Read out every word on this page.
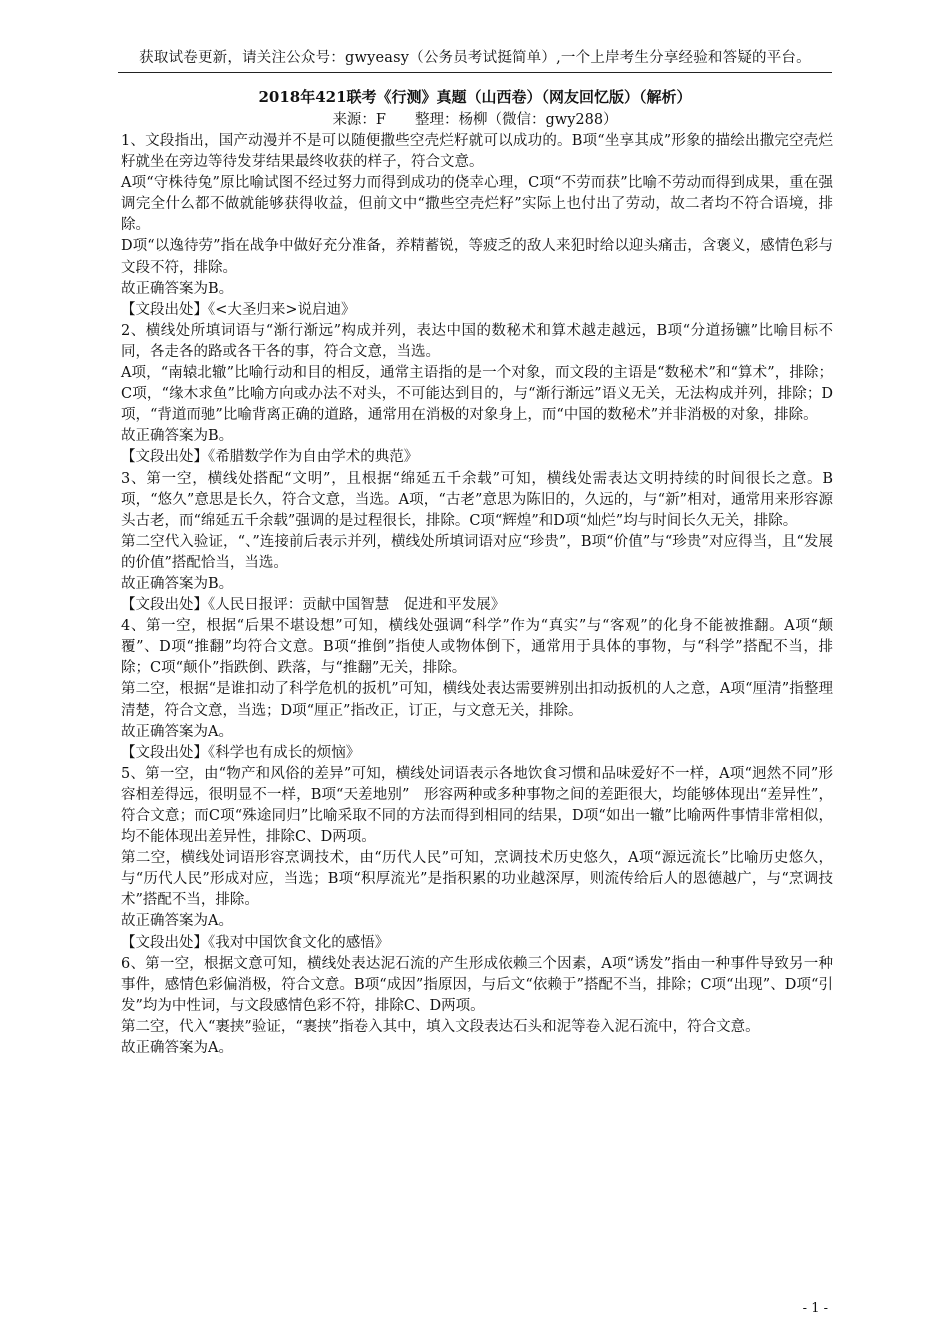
获取试卷更新，请关注公众号：gwyeasy（公务员考试挺简单）,一个上岸考生分享经验和答疑的平台。
2018年421联考《行测》真题（山西卷）（网友回忆版）（解析）
来源：F　　整理：杨柳（微信：gwy288）

1、文段指出，国产动漫并不是可以随便撒些空壳烂籽就可以成功的。B项“坐享其成”形象的描绘出撒完空壳烂籽就坐在旁边等待发芽结果最终收获的样子，符合文意。

A项“守株待兔”原比喻试图不经过努力而得到成功的侥幸心理，C项“不劳而获”比喻不劳动而得到成果，重在强调完全什么都不做就能够获得收益，但前文中“撒些空壳烂籽”实际上也付出了劳动，故二者均不符合语境，排除。

D项“以逸待劳”指在战争中做好充分准备，养精蓄锐，等疲乏的敌人来犯时给以迎头痛击，含褒义，感情色彩与文段不符，排除。

故正确答案为B。

【文段出处】《<大圣归来>说启迪》

2、横线处所填词语与“渐行渐远”构成并列，表达中国的数秘术和算术越走越远，B项“分道扬镳”比喻目标不同，各走各的路或各干各的事，符合文意，当选。

A项，“南辕北辙”比喻行动和目的相反，通常主语指的是一个对象，而文段的主语是“数秘术”和“算术”，排除；C项，“缘木求鱼”比喻方向或办法不对头，不可能达到目的，与“渐行渐远”语义无关，无法构成并列，排除；D项，“背道而驰”比喻背离正确的道路，通常用在消极的对象身上，而“中国的数秘术”并非消极的对象，排除。

故正确答案为B。

【文段出处】《希腊数学作为自由学术的典范》

3、第一空，横线处搭配“文明”，且根据“绵延五千余载”可知，横线处需表达文明持续的时间很长之意。B项，“悠久”意思是长久，符合文意，当选。A项，“古老”意思为陈旧的，久远的，与“新”相对，通常用来形容源头古老，而“绵延五千余载”强调的是过程很长，排除。C项“辉煌”和D项“灿烂”均与时间长久无关，排除。

第二空代入验证，“、”连接前后表示并列，横线处所填词语对应“珍贵”，B项“价值”与“珍贵”对应得当，且“发展的价值”搭配恰当，当选。

故正确答案为B。

【文段出处】《人民日报评：贡献中国智慧　促进和平发展》

4、第一空，根据“后果不堪设想”可知，横线处强调“科学”作为“真实”与“客观”的化身不能被推翻。A项“颠覆”、D项“推翻”均符合文意。B项“推倒”指使人或物体倒下，通常用于具体的事物，与“科学”搭配不当，排除；C项“颠仆”指跌倒、跌落，与“推翻”无关，排除。

第二空，根据“是谁扣动了科学危机的扳机”可知，横线处表达需要辨别出扣动扳机的人之意，A项“厘清”指整理清楚，符合文意，当选；D项“厘正”指改正，订正，与文意无关，排除。

故正确答案为A。

【文段出处】《科学也有成长的烦恼》

5、第一空，由“物产和风俗的差异”可知，横线处词语表示各地饮食习惯和品味爱好不一样，A项“迥然不同”形容相差得远，很明显不一样，B项“天差地别”　形容两种或多种事物之间的差距很大，均能够体现出“差异性”，符合文意；而C项“殊途同归”比喻采取不同的方法而得到相同的结果，D项“如出一辙”比喻两件事情非常相似，均不能体现出差异性，排除C、D两项。

第二空，横线处词语形容烹调技术，由“历代人民”可知，烹调技术历史悠久，A项“源远流长”比喻历史悠久，与“历代人民”形成对应，当选；B项“积厚流光”是指积累的功业越深厚，则流传给后人的恩德越广，与“烹调技术”搭配不当，排除。

故正确答案为A。

【文段出处】《我对中国饮食文化的感悟》

6、第一空，根据文意可知，横线处表达泥石流的产生形成依赖三个因素，A项“诱发”指由一种事件导致另一种事件，感情色彩偏消极，符合文意。B项“成因”指原因，与后文“依赖于”搭配不当，排除；C项“出现”、D项“引发”均为中性词，与文段感情色彩不符，排除C、D两项。

第二空，代入“裹挟”验证，“裹挟”指卷入其中，填入文段表达石头和泥等卷入泥石流中，符合文意。

故正确答案为A。

- 1 -
